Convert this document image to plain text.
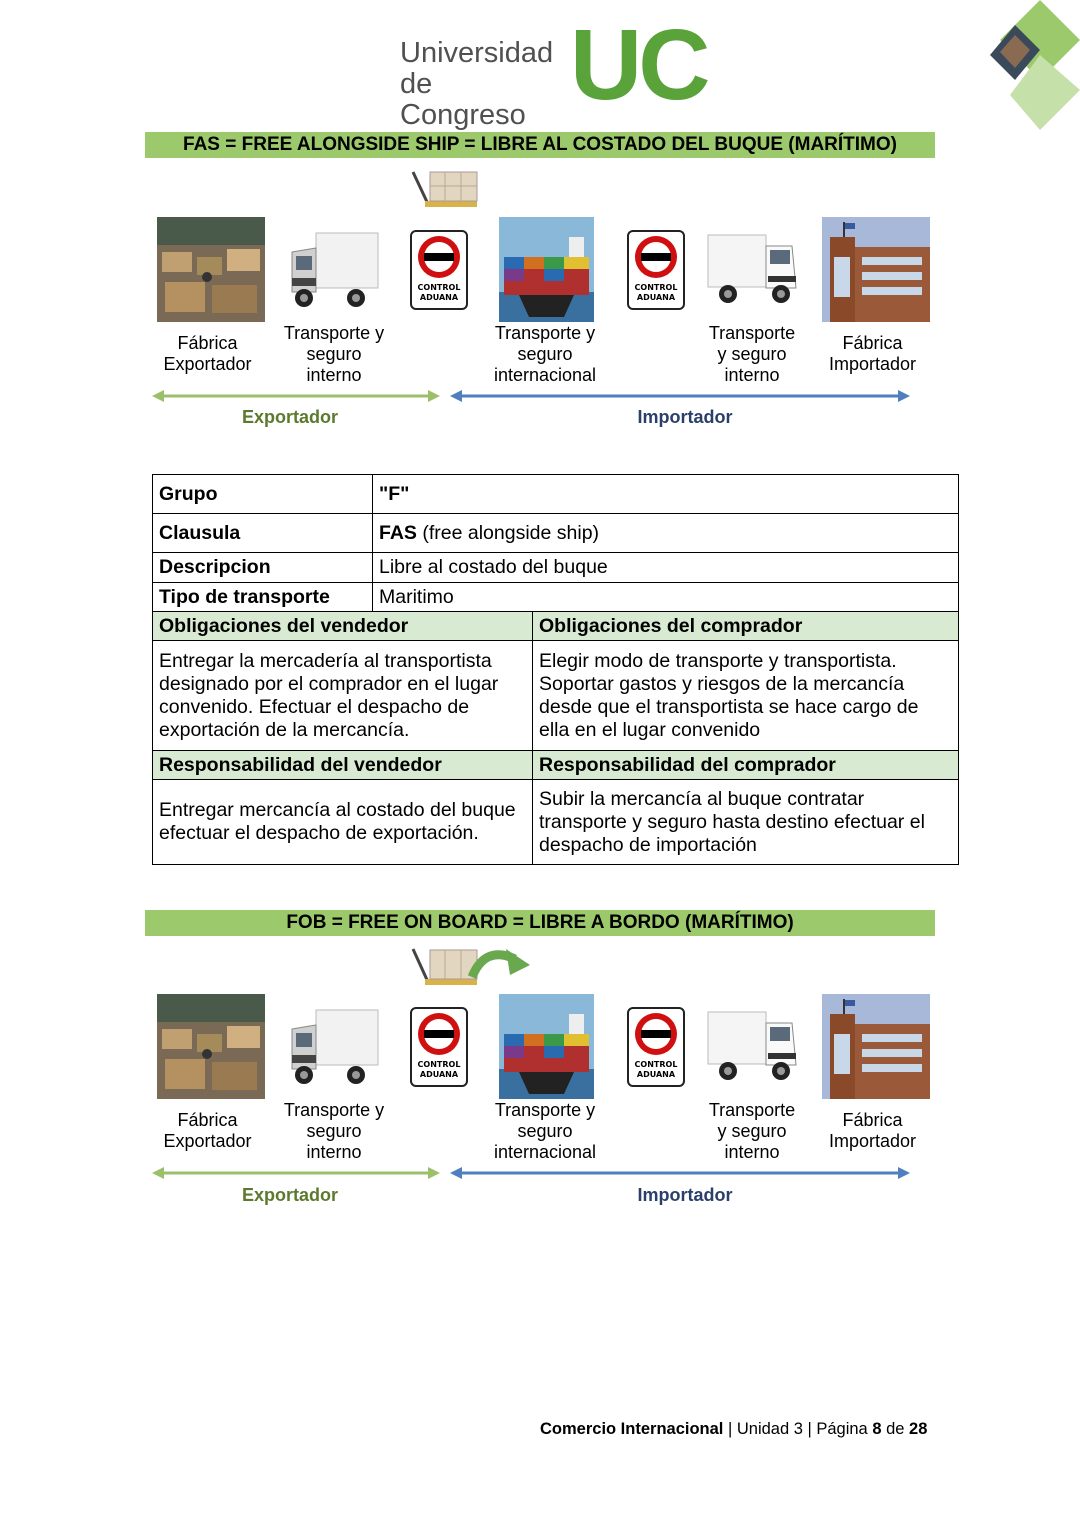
Universidad
de Congreso UC
FAS = FREE ALONGSIDE SHIP = LIBRE AL COSTADO DEL BUQUE (MARÍTIMO)
CONTROL
ADUANA
CONTROL
ADUANA
Fábrica
Exportador
Transporte y
seguro
interno
Transporte y
seguro
internacional
Transporte
y seguro
interno
Fábrica
Importador
Exportador	Importador
Grupo	"F"	
Clausula	FAS (free alongside ship)	
Descripcion	Libre al costado del buque	
Tipo de transporte	Maritimo	
Obligaciones del vendedor		Obligaciones del comprador
Entregar la mercadería al transportista designado por el comprador en el lugar convenido. Efectuar el despacho de exportación de la mercancía.		Elegir modo de transporte y transportista. Soportar gastos y riesgos de la mercancía desde que el transportista se hace cargo de ella en el lugar convenido
Responsabilidad del vendedor		Responsabilidad del comprador
Entregar mercancía al costado del buque efectuar el despacho de exportación.		Subir la mercancía al buque contratar transporte y seguro hasta destino efectuar el despacho de importación
FOB = FREE ON BOARD = LIBRE A BORDO (MARÍTIMO)
CONTROL
ADUANA
CONTROL
ADUANA
Fábrica
Exportador
Transporte y
seguro
interno
Transporte y
seguro
internacional
Transporte
y seguro
interno
Fábrica
Importador
Exportador	Importador
Comercio Internacional | Unidad 3 | Página 8 de 28
